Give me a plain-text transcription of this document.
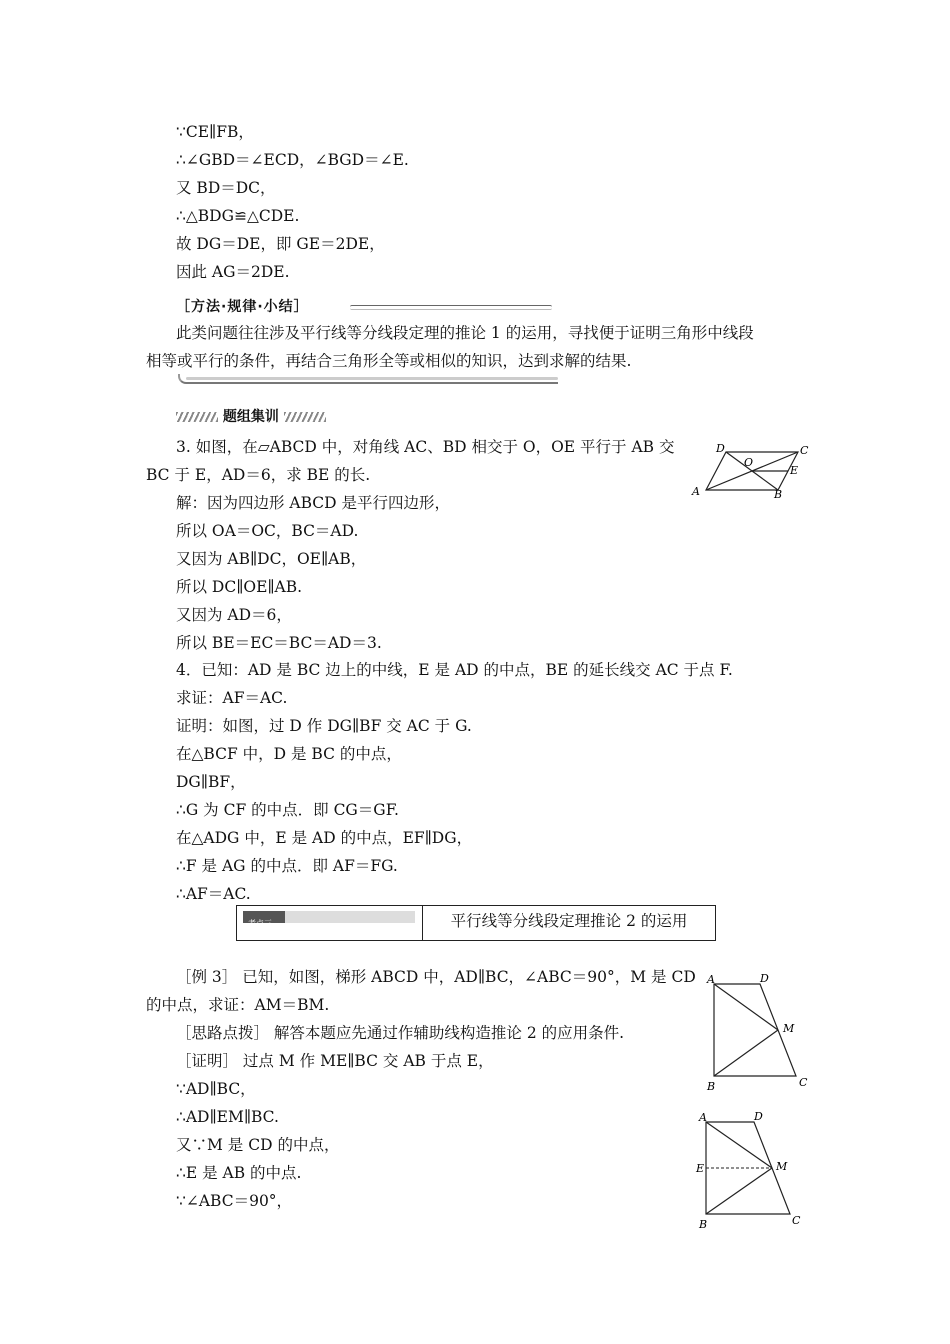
∵CE∥FB，
∴∠GBD＝∠ECD，∠BGD＝∠E.
又 BD＝DC，
∴△BDG≌△CDE.
故 DG＝DE，即 GE＝2DE，
因此 AG＝2DE.
［方法·规律·小结］
此类问题往往涉及平行线等分线段定理的推论 1 的运用，寻找便于证明三角形中线段
相等或平行的条件，再结合三角形全等或相似的知识，达到求解的结果.
题组集训
3. 如图，在▱ABCD 中，对角线 AC、BD 相交于 O，OE 平行于 AB 交
BC 于 E，AD＝6，求 BE 的长.
解：因为四边形 ABCD 是平行四边形，
所以 OA＝OC，BC＝AD.
又因为 AB∥DC，OE∥AB，
所以 DC∥OE∥AB.
又因为 AD＝6，
所以 BE＝EC＝BC＝AD＝3.
D	C
O
E
A	B
4．已知：AD 是 BC 边上的中线，E 是 AD 的中点，BE 的延长线交 AC 于点 F.
求证：AF＝AC.
证明：如图，过 D 作 DG∥BF 交 AC 于 G.
在△BCF 中，D 是 BC 的中点，
DG∥BF，
∴G 为 CF 的中点．即 CG＝GF.
在△ADG 中，E 是 AD 的中点，EF∥DG，
∴F 是 AG 的中点．即 AF＝FG.
∴AF＝AC.
考点三	平行线等分线段定理推论 2 的运用
［例 3］ 已知，如图，梯形 ABCD 中，AD∥BC，∠ABC＝90°，M 是 CD
的中点，求证：AM＝BM.
［思路点拨］ 解答本题应先通过作辅助线构造推论 2 的应用条件.
［证明］ 过点 M 作 ME∥BC 交 AB 于点 E，
∵AD∥BC，
∴AD∥EM∥BC.
又∵M 是 CD 的中点，
∴E 是 AB 的中点.
∵∠ABC＝90°，
A	D
M
B	C
A	D
E	M
B	C
